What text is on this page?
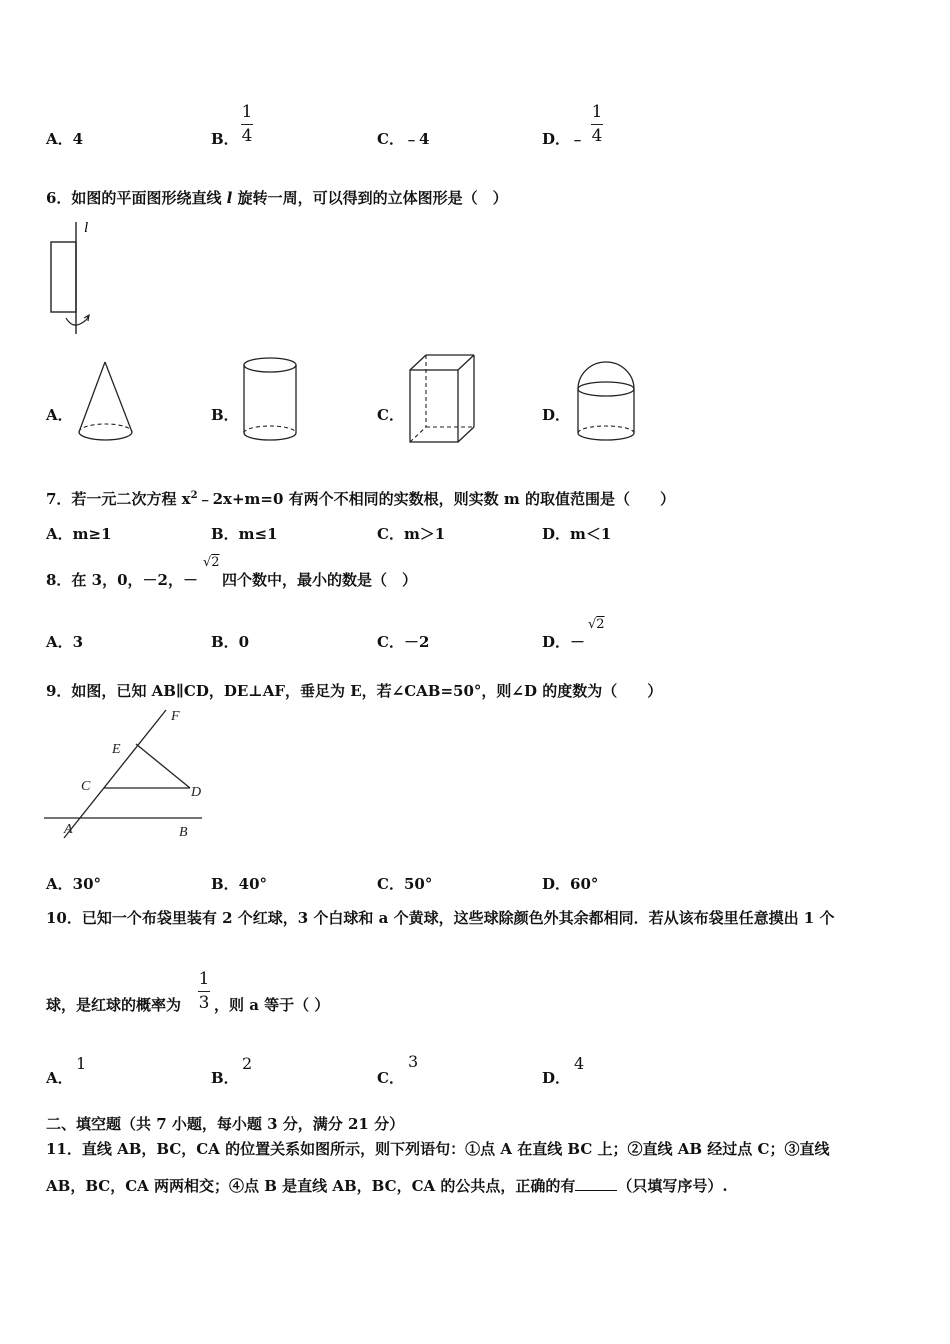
A．4	B．
1
4	C．﹣4	D．﹣
1
4
6．如图的平面图形绕直线 l 旋转一周，可以得到的立体图形是（　）
l
A．	B．	C．	D．
7．若一元二次方程 $x^2﹣2x+m=0$ 有两个不相同的实数根，则实数 m 的取值范围是（　　）
A．m≥1	B．m≤1	C．m＞1	D．m＜1
8．在 3，0，－2，－
√2
四个数中，最小的数是（　）
A．3	B．0	C．－2	D．－
√2
9．如图，已知 AB∥CD，DE⊥AF，垂足为 E，若∠CAB=50°，则∠D 的度数为（　　）
F
E
C	D
A	B
A．30°	B．40°	C．50°	D．60°
10．已知一个布袋里装有 2 个红球，3 个白球和 a 个黄球，这些球除颜色外其余都相同．若从该布袋里任意摸出 1 个
球，是红球的概率为
1
3 ，则 a 等于（ ）
A．
1
B．
2
C．
3
D．
4
二、填空题（共 7 小题，每小题 3 分，满分 21 分）
11．直线 AB，BC，CA 的位置关系如图所示，则下列语句：①点 A 在直线 BC 上；②直线 AB 经过点 C；③直线
AB，BC，CA 两两相交；④点 B 是直线 AB，BC，CA 的公共点，正确的有	（只填写序号）.
